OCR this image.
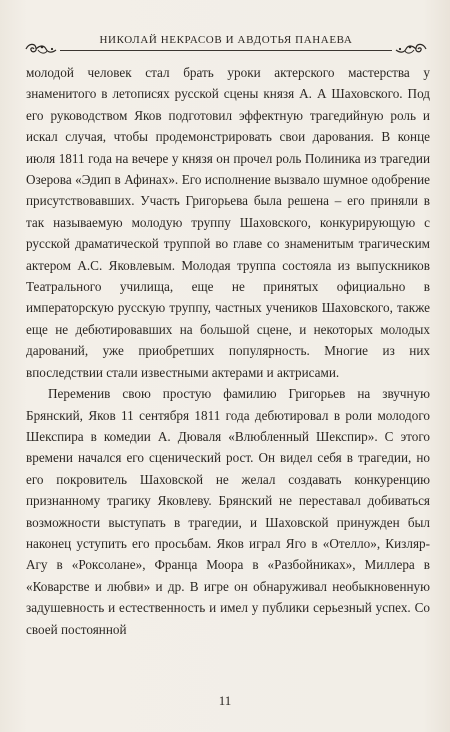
НИКОЛАЙ НЕКРАСОВ И АВДОТЬЯ ПАНАЕВА

молодой человек стал брать уроки актерского мастерства у знаменитого в летописях русской сцены князя А. А Шаховского. Под его руководством Яков подготовил эффектную трагедийную роль и искал случая, чтобы продемонстрировать свои дарования. В конце июля 1811 года на вечере у князя он прочел роль Полиника из трагедии Озерова «Эдип в Афинах». Его исполнение вызвало шумное одобрение присутствовавших. Участь Григорьева была решена – его приняли в так называемую молодую труппу Шаховского, конкурирующую с русской драматической труппой во главе со знаменитым трагическим актером А.С. Яковлевым. Молодая труппа состояла из выпускников Театрального училища, еще не принятых официально в императорскую русскую труппу, частных учеников Шаховского, также еще не дебютировавших на большой сцене, и некоторых молодых дарований, уже приобретших популярность. Многие из них впоследствии стали известными актерами и актрисами.

Переменив свою простую фамилию Григорьев на звучную Брянский, Яков 11 сентября 1811 года дебютировал в роли молодого Шекспира в комедии А. Дюваля «Влюбленный Шекспир». С этого времени начался его сценический рост. Он видел себя в трагедии, но его покровитель Шаховской не желал создавать конкуренцию признанному трагику Яковлеву. Брянский не переставал добиваться возможности выступать в трагедии, и Шаховской принужден был наконец уступить его просьбам. Яков играл Яго в «Отелло», Кизляр-Агу в «Роксолане», Франца Моора в «Разбойниках», Миллера в «Коварстве и любви» и др. В игре он обнаруживал необыкновенную задушевность и естественность и имел у публики серьезный успех. Со своей постоянной

11
